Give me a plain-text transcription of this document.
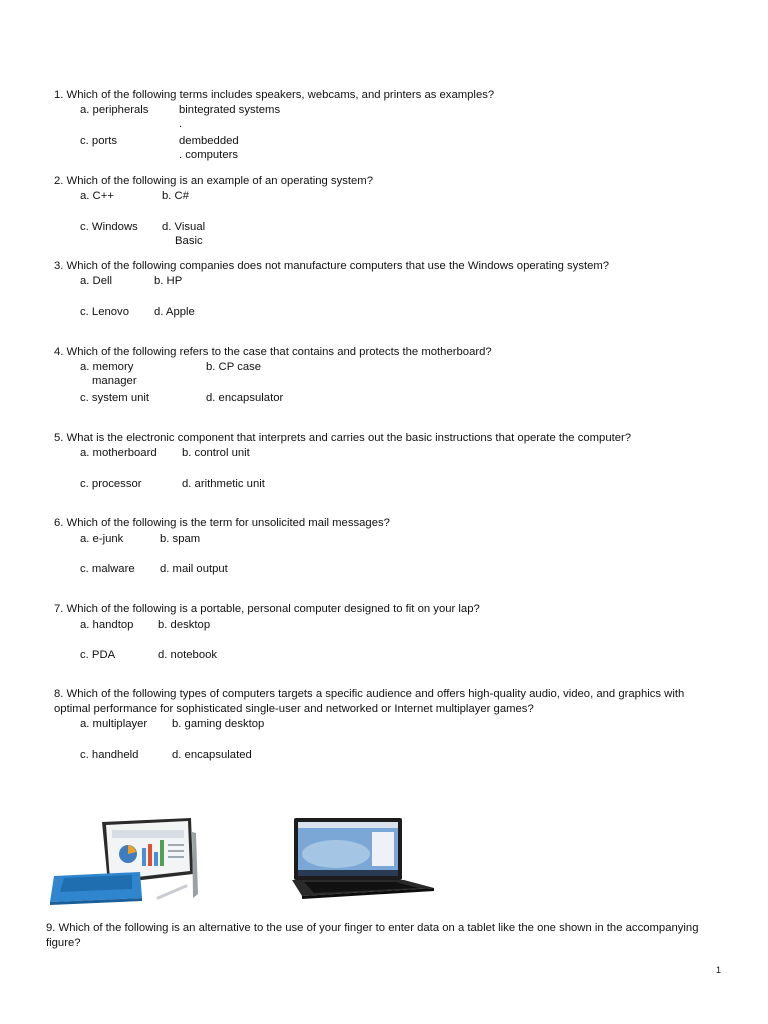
1. Which of the following terms includes speakers, webcams, and printers as examples?
a. peripherals	bintegrated systems
.
c. ports	dembedded
. computers
2. Which of the following is an example of an operating system?
a. C++	b. C#
c. Windows d. Visual
Basic
3. Which of the following companies does not manufacture computers that use the Windows operating system?
a. Dell	b. HP
c. Lenovo d. Apple
4. Which of the following refers to the case that contains and protects the motherboard?
a. memory
manager
b. CP case
c. system unit	d. encapsulator
5. What is the electronic component that interprets and carries out the basic instructions that operate the computer?
a. motherboard b. control unit
c. processor	d. arithmetic unit
6. Which of the following is the term for unsolicited mail messages?
a. e-junk	b. spam
c. malware d. mail output
7. Which of the following is a portable, personal computer designed to fit on your lap?
a. handtop b. desktop
c. PDA	d. notebook
8. Which of the following types of computers targets a specific audience and offers high-quality audio, video, and graphics with
optimal performance for sophisticated single-user and networked or Internet multiplayer games?
a. multiplayer b. gaming desktop
c. handheld	d. encapsulated
9. Which of the following is an alternative to the use of your finger to enter data on a tablet like the one shown in the accompanying
figure?
1
